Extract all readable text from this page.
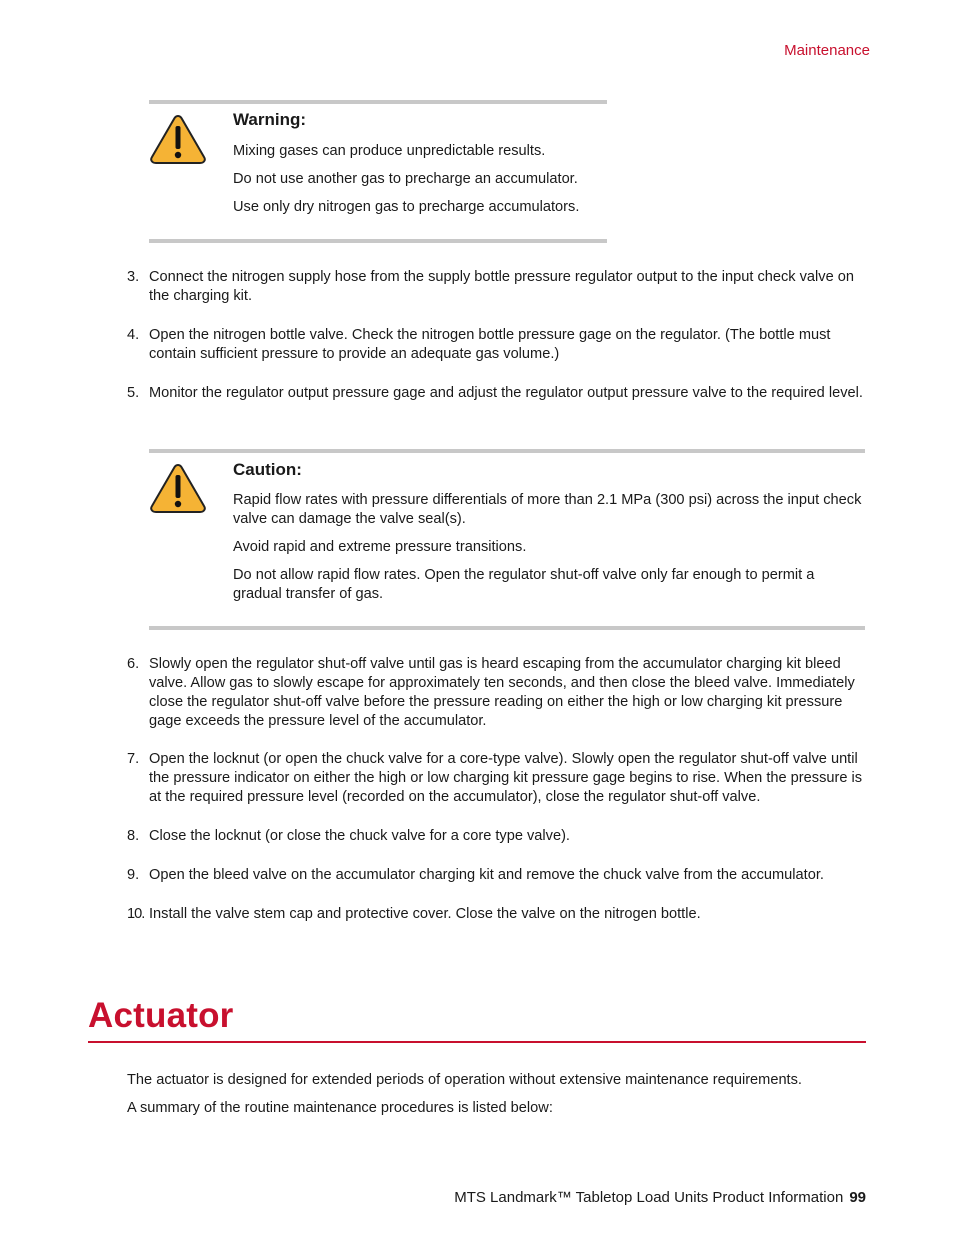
Maintenance
Warning:
Mixing gases can produce unpredictable results.
Do not use another gas to precharge an accumulator.
Use only dry nitrogen gas to precharge accumulators.
3. Connect the nitrogen supply hose from the supply bottle pressure regulator output to the input check valve on the charging kit.
4. Open the nitrogen bottle valve. Check the nitrogen bottle pressure gage on the regulator. (The bottle must contain sufficient pressure to provide an adequate gas volume.)
5. Monitor the regulator output pressure gage and adjust the regulator output pressure valve to the required level.
Caution:
Rapid flow rates with pressure differentials of more than 2.1 MPa (300 psi) across the input check valve can damage the valve seal(s).
Avoid rapid and extreme pressure transitions.
Do not allow rapid flow rates. Open the regulator shut-off valve only far enough to permit a gradual transfer of gas.
6. Slowly open the regulator shut-off valve until gas is heard escaping from the accumulator charging kit bleed valve. Allow gas to slowly escape for approximately ten seconds, and then close the bleed valve. Immediately close the regulator shut-off valve before the pressure reading on either the high or low charging kit pressure gage exceeds the pressure level of the accumulator.
7. Open the locknut (or open the chuck valve for a core-type valve). Slowly open the regulator shut-off valve until the pressure indicator on either the high or low charging kit pressure gage begins to rise. When the pressure is at the required pressure level (recorded on the accumulator), close the regulator shut-off valve.
8. Close the locknut (or close the chuck valve for a core type valve).
9. Open the bleed valve on the accumulator charging kit and remove the chuck valve from the accumulator.
10. Install the valve stem cap and protective cover. Close the valve on the nitrogen bottle.
Actuator
The actuator is designed for extended periods of operation without extensive maintenance requirements.
A summary of the routine maintenance procedures is listed below:
MTS Landmark™ Tabletop Load Units Product Information 99
